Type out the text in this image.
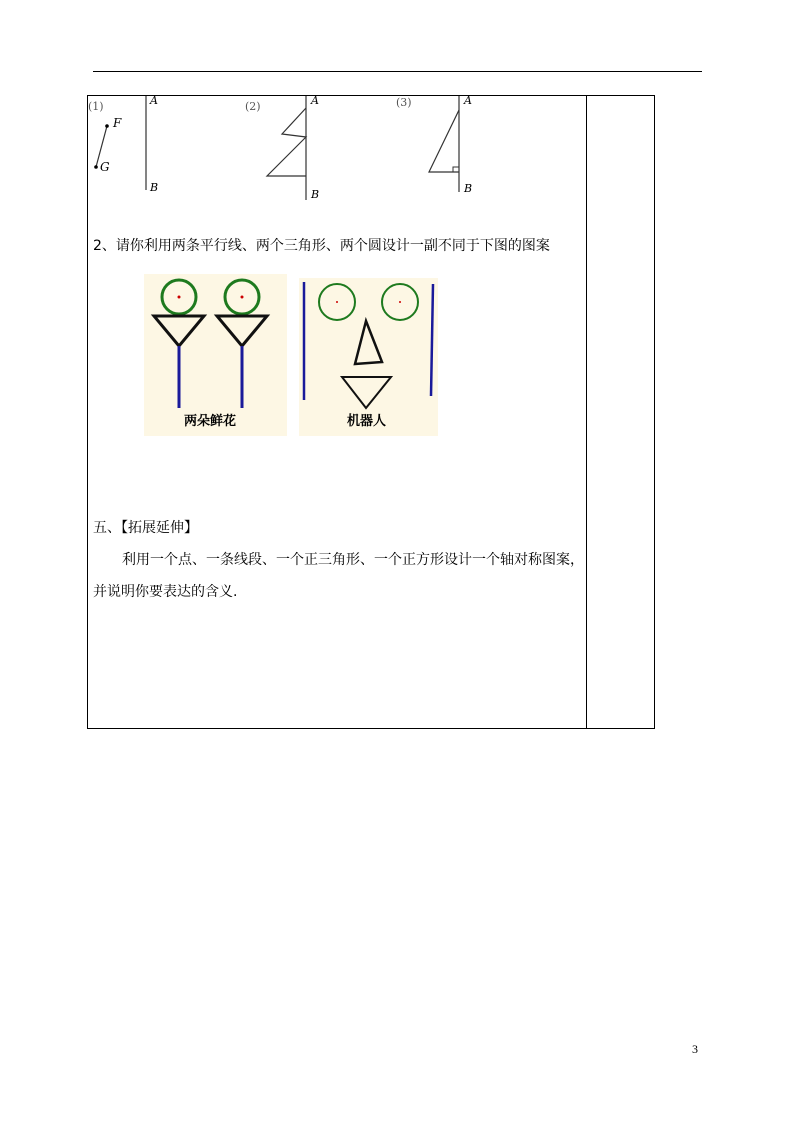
(1)
F
G
A
B
(2)	A
B
(3)	A
B
2、请你利用两条平行线、两个三角形、两个圆设计一副不同于下图的图案
两朵鲜花	机器人
五、【拓展延伸】
利用一个点、一条线段、一个正三角形、一个正方形设计一个轴对称图案，
并说明你要表达的含义.
3
